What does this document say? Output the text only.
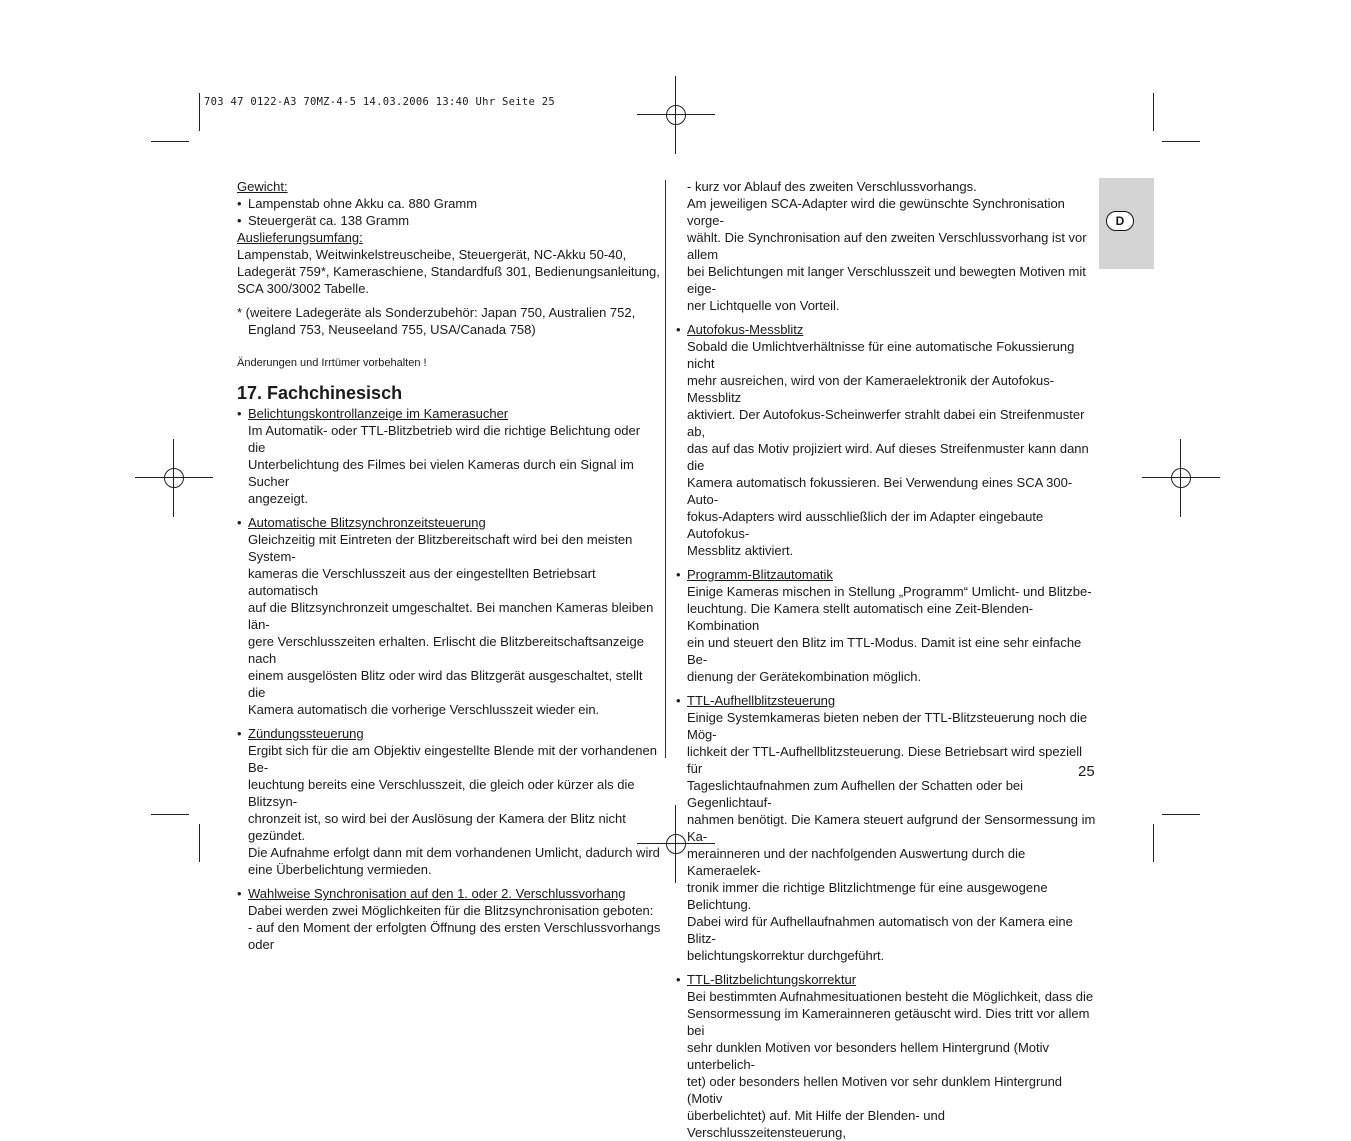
703 47 0122-A3 70MZ-4-5 14.03.2006 13:40 Uhr Seite 25
D

Gewicht:

• Lampenstab ohne Akku ca. 880 Gramm

• Steuergerät ca. 138 Gramm

Auslieferungsumfang:

Lampenstab, Weitwinkelstreuscheibe, Steuergerät, NC-Akku 50-40,

Ladegerät 759*, Kameraschiene, Standardfuß 301, Bedienungsanleitung,

SCA 300/3002 Tabelle.

* (weitere Ladegeräte als Sonderzubehör: Japan 750, Australien 752,

England 753, Neuseeland 755, USA/Canada 758)

Änderungen und Irrtümer vorbehalten !

17. Fachchinesisch

• Belichtungskontrollanzeige im Kamerasucher

Im Automatik- oder TTL-Blitzbetrieb wird die richtige Belichtung oder die

Unterbelichtung des Filmes bei vielen Kameras durch ein Signal im Sucher

angezeigt.

• Automatische Blitzsynchronzeitsteuerung

Gleichzeitig mit Eintreten der Blitzbereitschaft wird bei den meisten System-

kameras die Verschlusszeit aus der eingestellten Betriebsart automatisch

auf die Blitzsynchronzeit umgeschaltet. Bei manchen Kameras bleiben län-

gere Verschlusszeiten erhalten. Erlischt die Blitzbereitschaftsanzeige nach

einem ausgelösten Blitz oder wird das Blitzgerät ausgeschaltet, stellt die

Kamera automatisch die vorherige Verschlusszeit wieder ein.

• Zündungssteuerung

Ergibt sich für die am Objektiv eingestellte Blende mit der vorhandenen Be-

leuchtung bereits eine Verschlusszeit, die gleich oder kürzer als die Blitzsyn-

chronzeit ist, so wird bei der Auslösung der Kamera der Blitz nicht gezündet.

Die Aufnahme erfolgt dann mit dem vorhandenen Umlicht, dadurch wird

eine Überbelichtung vermieden.

• Wahlweise Synchronisation auf den 1. oder 2. Verschlussvorhang

Dabei werden zwei Möglichkeiten für die Blitzsynchronisation geboten:

- auf den Moment der erfolgten Öffnung des ersten Verschlussvorhangs oder

- kurz vor Ablauf des zweiten Verschlussvorhangs.

Am jeweiligen SCA-Adapter wird die gewünschte Synchronisation vorge-

wählt. Die Synchronisation auf den zweiten Verschlussvorhang ist vor allem

bei Belichtungen mit langer Verschlusszeit und bewegten Motiven mit eige-

ner Lichtquelle von Vorteil.

• Autofokus-Messblitz

Sobald die Umlichtverhältnisse für eine automatische Fokussierung nicht

mehr ausreichen, wird von der Kameraelektronik der Autofokus-Messblitz

aktiviert. Der Autofokus-Scheinwerfer strahlt dabei ein Streifenmuster ab,

das auf das Motiv projiziert wird. Auf dieses Streifenmuster kann dann die

Kamera automatisch fokussieren. Bei Verwendung eines SCA 300-Auto-

fokus-Adapters wird ausschließlich der im Adapter eingebaute Autofokus-

Messblitz aktiviert.

• Programm-Blitzautomatik

Einige Kameras mischen in Stellung „Programm“ Umlicht- und Blitzbe-

leuchtung. Die Kamera stellt automatisch eine Zeit-Blenden-Kombination

ein und steuert den Blitz im TTL-Modus. Damit ist eine sehr einfache Be-

dienung der Gerätekombination möglich.

• TTL-Aufhellblitzsteuerung

Einige Systemkameras bieten neben der TTL-Blitzsteuerung noch die Mög-

lichkeit der TTL-Aufhellblitzsteuerung. Diese Betriebsart wird speziell für

Tageslichtaufnahmen zum Aufhellen der Schatten oder bei Gegenlichtauf-

nahmen benötigt. Die Kamera steuert aufgrund der Sensormessung im Ka-

merainneren und der nachfolgenden Auswertung durch die Kameraelek-

tronik immer die richtige Blitzlichtmenge für eine ausgewogene Belichtung.

Dabei wird für Aufhellaufnahmen automatisch von der Kamera eine Blitz-

belichtungskorrektur durchgeführt.

• TTL-Blitzbelichtungskorrektur

Bei bestimmten Aufnahmesituationen besteht die Möglichkeit, dass die

Sensormessung im Kamerainneren getäuscht wird. Dies tritt vor allem bei

sehr dunklen Motiven vor besonders hellem Hintergrund (Motiv unterbelich-

tet) oder besonders hellen Motiven vor sehr dunklem Hintergrund (Motiv

überbelichtet) auf. Mit Hilfe der Blenden- und Verschlusszeitensteuerung,

25
